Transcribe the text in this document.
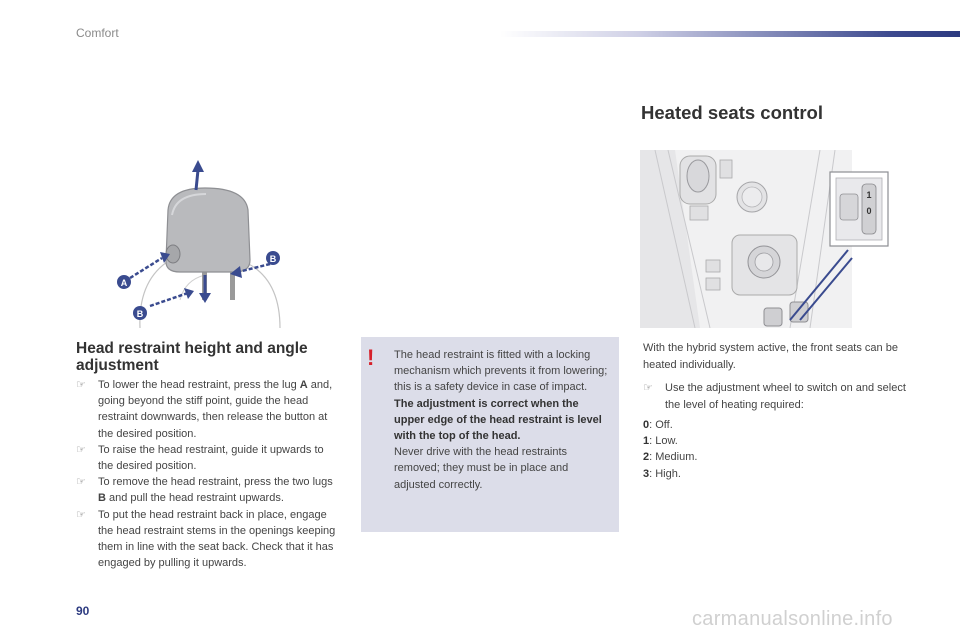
Comfort
A
B
B
1
0
Head restraint height and angle adjustment
☞ To lower the head restraint, press the lug A and, going beyond the stiff point, guide the head restraint downwards, then release the button at the desired position.
☞ To raise the head restraint, guide it upwards to the desired position.
☞ To remove the head restraint, press the two lugs B and pull the head restraint upwards.
☞ To put the head restraint back in place, engage the head restraint stems in the openings keeping them in line with the seat back. Check that it has engaged by pulling it upwards.
! The head restraint is fitted with a locking mechanism which prevents it from lowering; this is a safety device in case of impact.
The adjustment is correct when the upper edge of the head restraint is level with the top of the head.
Never drive with the head restraints removed; they must be in place and adjusted correctly.
Heated seats control
With the hybrid system active, the front seats can be heated individually.
☞ Use the adjustment wheel to switch on and select the level of heating required:
0: Off.
1: Low.
2: Medium.
3: High.
90	carmanualsonline.info
